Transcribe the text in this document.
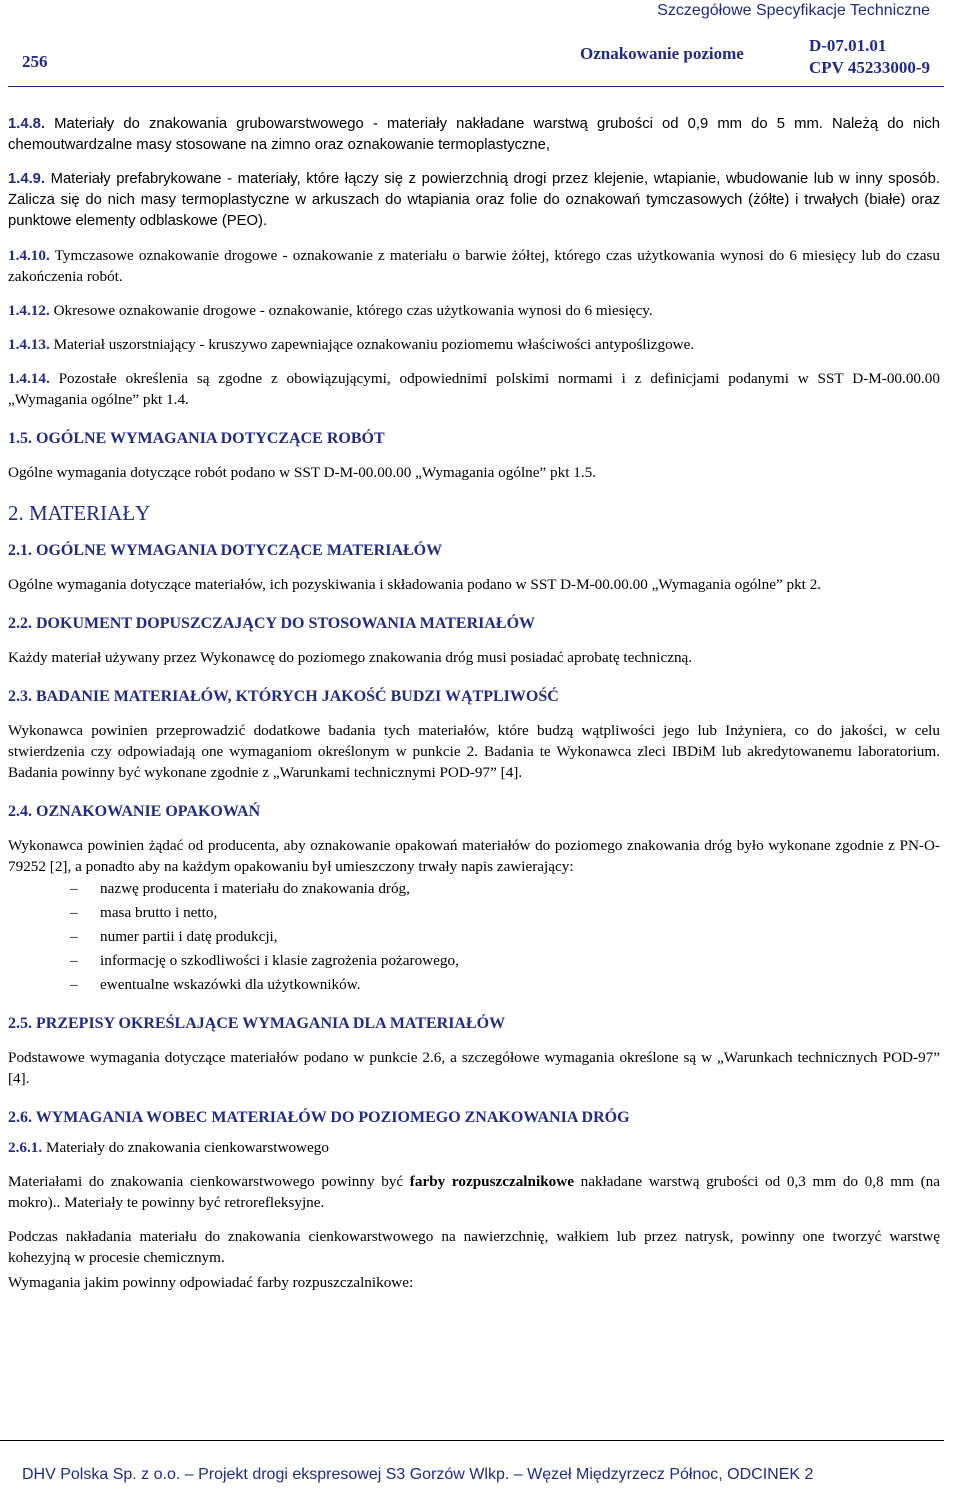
Szczegółowe Specyfikacje Techniczne
256	Oznakowanie poziome	D-07.01.01
CPV 45233000-9

1.4.8. Materiały do znakowania grubowarstwowego - materiały nakładane warstwą grubości od 0,9 mm do 5 mm. Należą do nich chemoutwardzalne masy stosowane na zimno oraz oznakowanie termoplastyczne,

1.4.9. Materiały prefabrykowane - materiały, które łączy się z powierzchnią drogi przez klejenie, wtapianie, wbudowanie lub w inny sposób. Zalicza się do nich masy termoplastyczne w arkuszach do wtapiania oraz folie do oznakowań tymczasowych (żółte) i trwałych (białe) oraz punktowe elementy odblaskowe (PEO).

1.4.10. Tymczasowe oznakowanie drogowe - oznakowanie z materiału o barwie żółtej, którego czas użytkowania wynosi do 6 miesięcy lub do czasu zakończenia robót.

1.4.12. Okresowe oznakowanie drogowe - oznakowanie, którego czas użytkowania wynosi do 6 miesięcy.

1.4.13. Materiał uszorstniający - kruszywo zapewniające oznakowaniu poziomemu właściwości antypoślizgowe.

1.4.14. Pozostałe określenia są zgodne z obowiązującymi, odpowiednimi polskimi normami i z definicjami podanymi w SST D-M-00.00.00 „Wymagania ogólne” pkt 1.4.

1.5. OGÓLNE WYMAGANIA DOTYCZĄCE ROBÓT

Ogólne wymagania dotyczące robót podano w SST D-M-00.00.00 „Wymagania ogólne” pkt 1.5.

2. MATERIAŁY

2.1. OGÓLNE WYMAGANIA DOTYCZĄCE MATERIAŁÓW

Ogólne wymagania dotyczące materiałów, ich pozyskiwania i składowania podano w SST D-M-00.00.00 „Wymagania ogólne” pkt 2.

2.2. DOKUMENT DOPUSZCZAJĄCY DO STOSOWANIA MATERIAŁÓW

Każdy materiał używany przez Wykonawcę do poziomego znakowania dróg musi posiadać aprobatę techniczną.

2.3. BADANIE MATERIAŁÓW, KTÓRYCH JAKOŚĆ BUDZI WĄTPLIWOŚĆ

Wykonawca powinien przeprowadzić dodatkowe badania tych materiałów, które budzą wątpliwości jego lub Inżyniera, co do jakości, w celu stwierdzenia czy odpowiadają one wymaganiom określonym w punkcie 2. Badania te Wykonawca zleci IBDiM lub akredytowanemu laboratorium. Badania powinny być wykonane zgodnie z „Warunkami technicznymi POD-97” [4].

2.4. OZNAKOWANIE OPAKOWAŃ

Wykonawca powinien żądać od producenta, aby oznakowanie opakowań materiałów do poziomego znakowania dróg było wykonane zgodnie z PN-O-79252 [2], a ponadto aby na każdym opakowaniu był umieszczony trwały napis zawierający:

– nazwę producenta i materiału do znakowania dróg,
– masa brutto i netto,
– numer partii i datę produkcji,
– informację o szkodliwości i klasie zagrożenia pożarowego,
– ewentualne wskazówki dla użytkowników.

2.5. PRZEPISY OKREŚLAJĄCE WYMAGANIA DLA MATERIAŁÓW

Podstawowe wymagania dotyczące materiałów podano w punkcie 2.6, a szczegółowe wymagania określone są w „Warunkach technicznych POD-97” [4].

2.6. WYMAGANIA WOBEC MATERIAŁÓW DO POZIOMEGO ZNAKOWANIA DRÓG

2.6.1. Materiały do znakowania cienkowarstwowego

Materiałami do znakowania cienkowarstwowego powinny być farby rozpuszczalnikowe nakładane warstwą grubości od 0,3 mm do 0,8 mm (na mokro).. Materiały te powinny być retrorefleksyjne.

Podczas nakładania materiału do znakowania cienkowarstwowego na nawierzchnię, wałkiem lub przez natrysk, powinny one tworzyć warstwę kohezyjną w procesie chemicznym.

Wymagania jakim powinny odpowiadać farby rozpuszczalnikowe:

DHV Polska Sp. z o.o. – Projekt drogi ekspresowej S3 Gorzów Wlkp. – Węzeł Międzyrzecz Północ, ODCINEK 2
